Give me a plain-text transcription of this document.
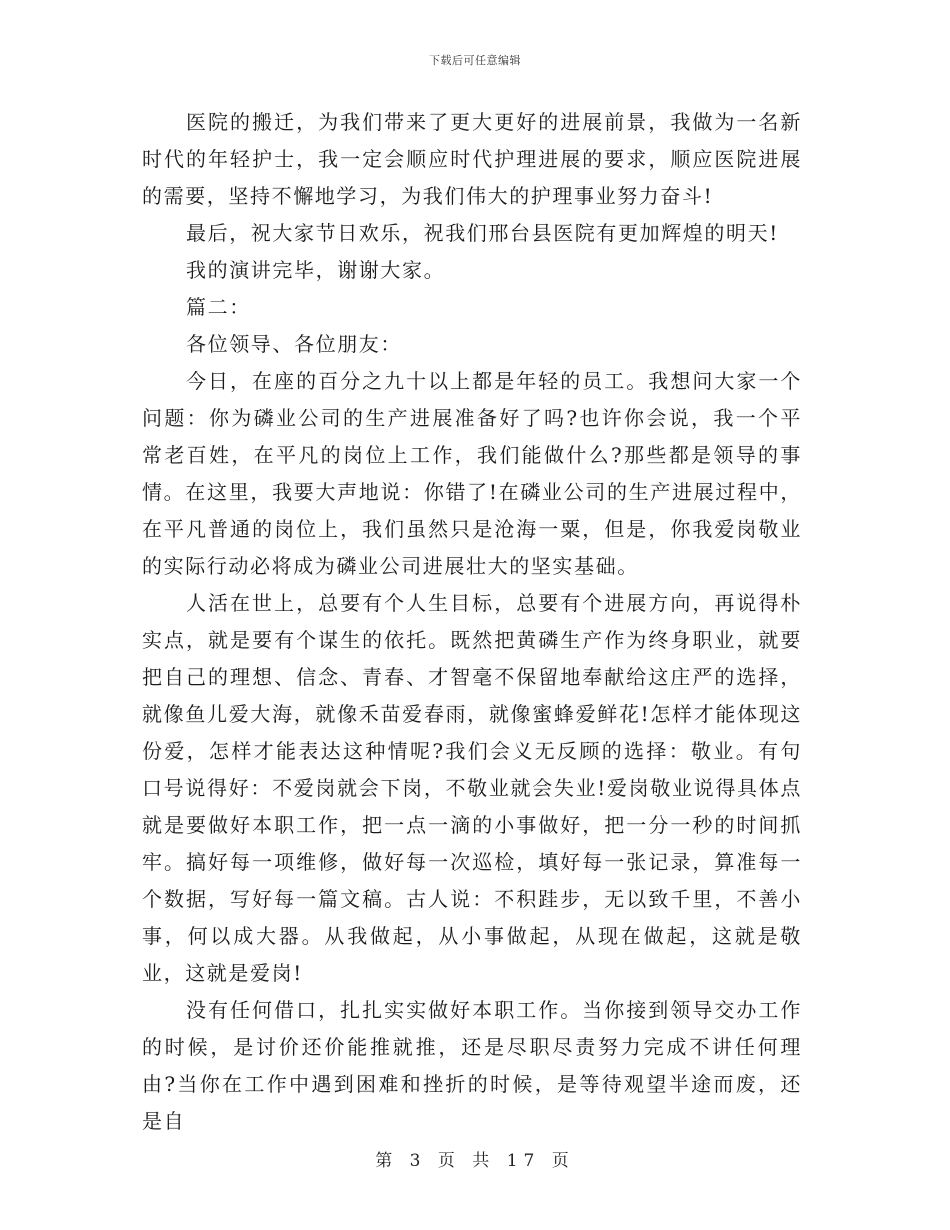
下载后可任意编辑

医院的搬迁，为我们带来了更大更好的进展前景，我做为一名新时代的年轻护士，我一定会顺应时代护理进展的要求，顺应医院进展的需要，坚持不懈地学习，为我们伟大的护理事业努力奋斗!

最后，祝大家节日欢乐，祝我们邢台县医院有更加辉煌的明天!

我的演讲完毕，谢谢大家。

篇二：

各位领导、各位朋友：

今日，在座的百分之九十以上都是年轻的员工。我想问大家一个问题：你为磷业公司的生产进展准备好了吗?也许你会说，我一个平常老百姓，在平凡的岗位上工作，我们能做什么?那些都是领导的事情。在这里，我要大声地说：你错了!在磷业公司的生产进展过程中，在平凡普通的岗位上，我们虽然只是沧海一粟，但是，你我爱岗敬业的实际行动必将成为磷业公司进展壮大的坚实基础。

人活在世上，总要有个人生目标，总要有个进展方向，再说得朴实点，就是要有个谋生的依托。既然把黄磷生产作为终身职业，就要把自己的理想、信念、青春、才智毫不保留地奉献给这庄严的选择，就像鱼儿爱大海，就像禾苗爱春雨，就像蜜蜂爱鲜花!怎样才能体现这份爱，怎样才能表达这种情呢?我们会义无反顾的选择：敬业。有句口号说得好：不爱岗就会下岗，不敬业就会失业!爱岗敬业说得具体点就是要做好本职工作，把一点一滴的小事做好，把一分一秒的时间抓牢。搞好每一项维修，做好每一次巡检，填好每一张记录，算准每一个数据，写好每一篇文稿。古人说：不积跬步，无以致千里，不善小事，何以成大器。从我做起，从小事做起，从现在做起，这就是敬业，这就是爱岗!

没有任何借口，扎扎实实做好本职工作。当你接到领导交办工作的时候，是讨价还价能推就推，还是尽职尽责努力完成不讲任何理由?当你在工作中遇到困难和挫折的时候，是等待观望半途而废，还是自

第 3 页 共 17 页
